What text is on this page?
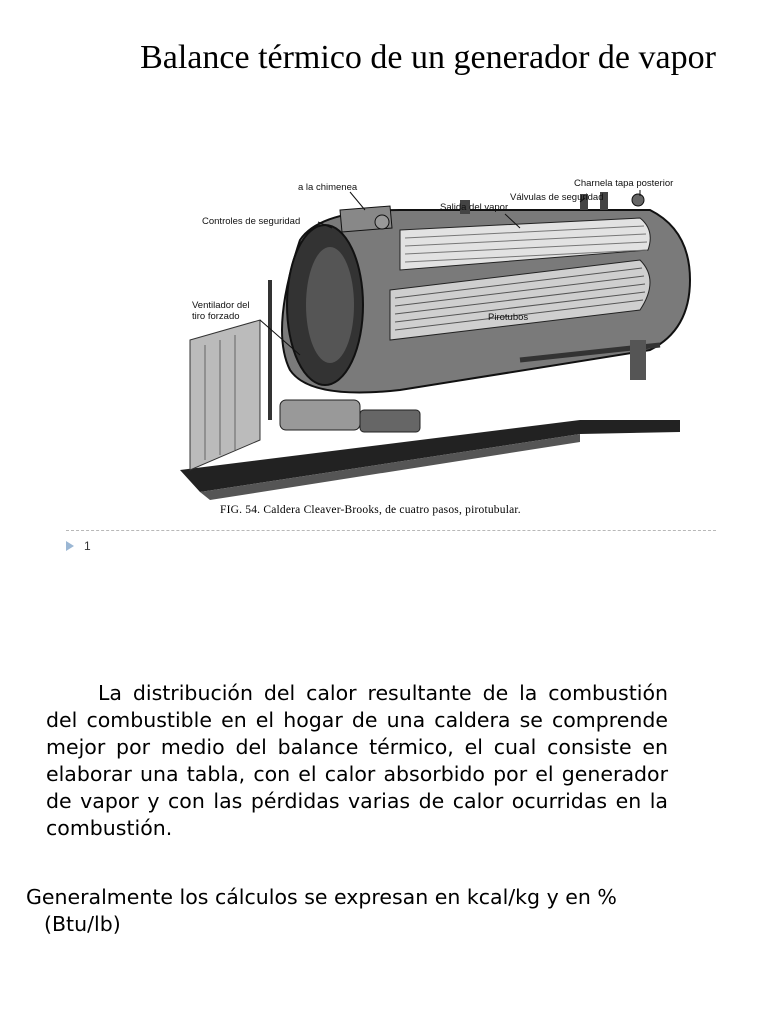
Balance térmico de un generador de vapor
a la chimenea
Controles de seguridad
Ventilador del
tiro forzado
Salida del vapor
Válvulas de seguridad
Charnela tapa posterior
Pirotubos
FIG. 54. Caldera Cleaver-Brooks, de cuatro pasos, pirotubular.
1
La distribución del calor resultante de la combustión del combustible en el hogar de una caldera se comprende mejor por medio del balance térmico, el cual consiste en elaborar una tabla, con el calor absorbido por el generador de vapor y con las pérdidas varias de calor ocurridas en la combustión.
Generalmente los cálculos se expresan en kcal/kg y en % (Btu/lb)
